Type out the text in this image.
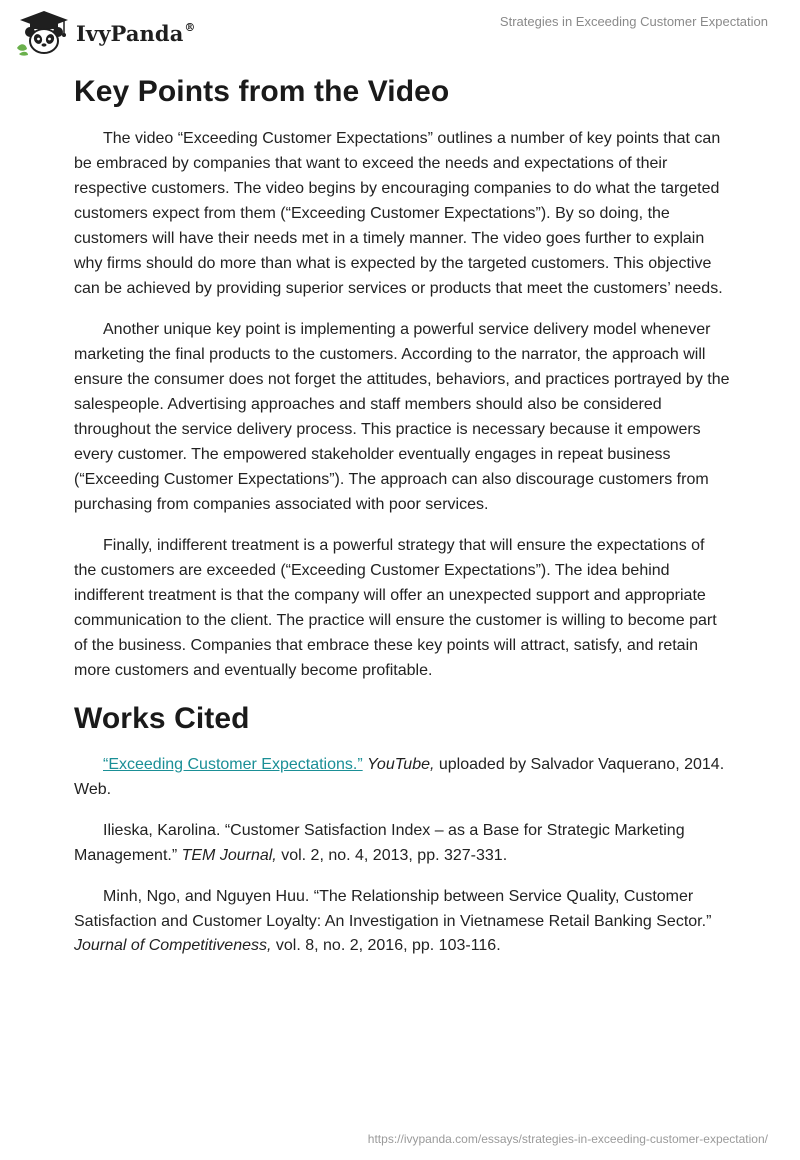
IvyPanda®	Strategies in Exceeding Customer Expectation
Key Points from the Video

The video “Exceeding Customer Expectations” outlines a number of key points that can be embraced by companies that want to exceed the needs and expectations of their respective customers. The video begins by encouraging companies to do what the targeted customers expect from them (“Exceeding Customer Expectations”). By so doing, the customers will have their needs met in a timely manner. The video goes further to explain why firms should do more than what is expected by the targeted customers. This objective can be achieved by providing superior services or products that meet the customers’ needs.

Another unique key point is implementing a powerful service delivery model whenever marketing the final products to the customers. According to the narrator, the approach will ensure the consumer does not forget the attitudes, behaviors, and practices portrayed by the salespeople. Advertising approaches and staff members should also be considered throughout the service delivery process. This practice is necessary because it empowers every customer. The empowered stakeholder eventually engages in repeat business (“Exceeding Customer Expectations”). The approach can also discourage customers from purchasing from companies associated with poor services.

Finally, indifferent treatment is a powerful strategy that will ensure the expectations of the customers are exceeded (“Exceeding Customer Expectations”). The idea behind indifferent treatment is that the company will offer an unexpected support and appropriate communication to the client. The practice will ensure the customer is willing to become part of the business. Companies that embrace these key points will attract, satisfy, and retain more customers and eventually become profitable.

Works Cited

“Exceeding Customer Expectations.” YouTube, uploaded by Salvador Vaquerano, 2014. Web.

Ilieska, Karolina. “Customer Satisfaction Index – as a Base for Strategic Marketing Management.” TEM Journal, vol. 2, no. 4, 2013, pp. 327-331.

Minh, Ngo, and Nguyen Huu. “The Relationship between Service Quality, Customer Satisfaction and Customer Loyalty: An Investigation in Vietnamese Retail Banking Sector.” Journal of Competitiveness, vol. 8, no. 2, 2016, pp. 103-116.

https://ivypanda.com/essays/strategies-in-exceeding-customer-expectation/
